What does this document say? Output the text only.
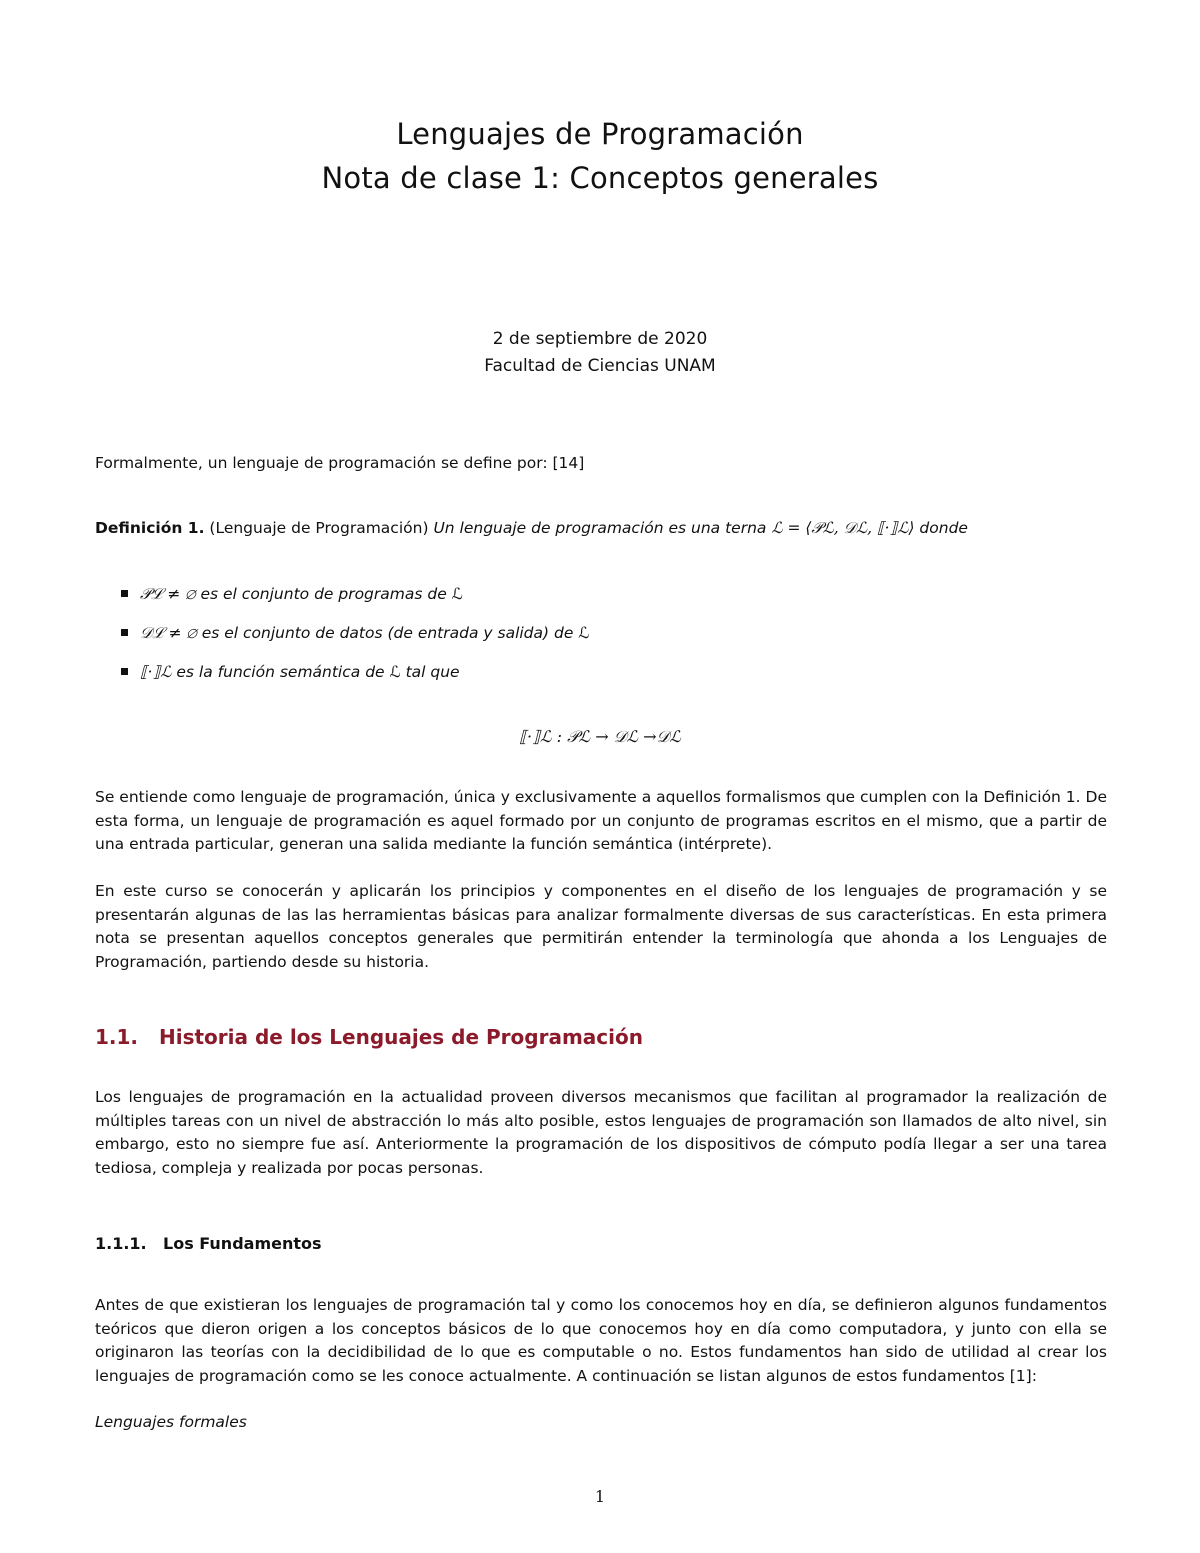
Lenguajes de Programación
Nota de clase 1: Conceptos generales
2 de septiembre de 2020
Facultad de Ciencias UNAM
Formalmente, un lenguaje de programación se define por: [14]
Definición 1. (Lenguaje de Programación) Un lenguaje de programación es una terna ℒ = ⟨𝒫ℒ, 𝒟ℒ, ⟦·⟧ℒ⟩ donde
𝒫ℒ ≠ ∅ es el conjunto de programas de ℒ
𝒟ℒ ≠ ∅ es el conjunto de datos (de entrada y salida) de ℒ
⟦·⟧ℒ es la función semántica de ℒ tal que
⟦·⟧ℒ : 𝒫ℒ → 𝒟ℒ →𝒟ℒ
Se entiende como lenguaje de programación, única y exclusivamente a aquellos formalismos que cumplen con la Definición 1. De esta forma, un lenguaje de programación es aquel formado por un conjunto de programas escritos en el mismo, que a partir de una entrada particular, generan una salida mediante la función semántica (intérprete).
En este curso se conocerán y aplicarán los principios y componentes en el diseño de los lenguajes de programación y se presentarán algunas de las las herramientas básicas para analizar formalmente diversas de sus características. En esta primera nota se presentan aquellos conceptos generales que permitirán entender la terminología que ahonda a los Lenguajes de Programación, partiendo desde su historia.
1.1. Historia de los Lenguajes de Programación
Los lenguajes de programación en la actualidad proveen diversos mecanismos que facilitan al programador la realización de múltiples tareas con un nivel de abstracción lo más alto posible, estos lenguajes de programación son llamados de alto nivel, sin embargo, esto no siempre fue así. Anteriormente la programación de los dispositivos de cómputo podía llegar a ser una tarea tediosa, compleja y realizada por pocas personas.
1.1.1. Los Fundamentos
Antes de que existieran los lenguajes de programación tal y como los conocemos hoy en día, se definieron algunos fundamentos teóricos que dieron origen a los conceptos básicos de lo que conocemos hoy en día como computadora, y junto con ella se originaron las teorías con la decidibilidad de lo que es computable o no. Estos fundamentos han sido de utilidad al crear los lenguajes de programación como se les conoce actualmente. A continuación se listan algunos de estos fundamentos [1]:
Lenguajes formales
1
